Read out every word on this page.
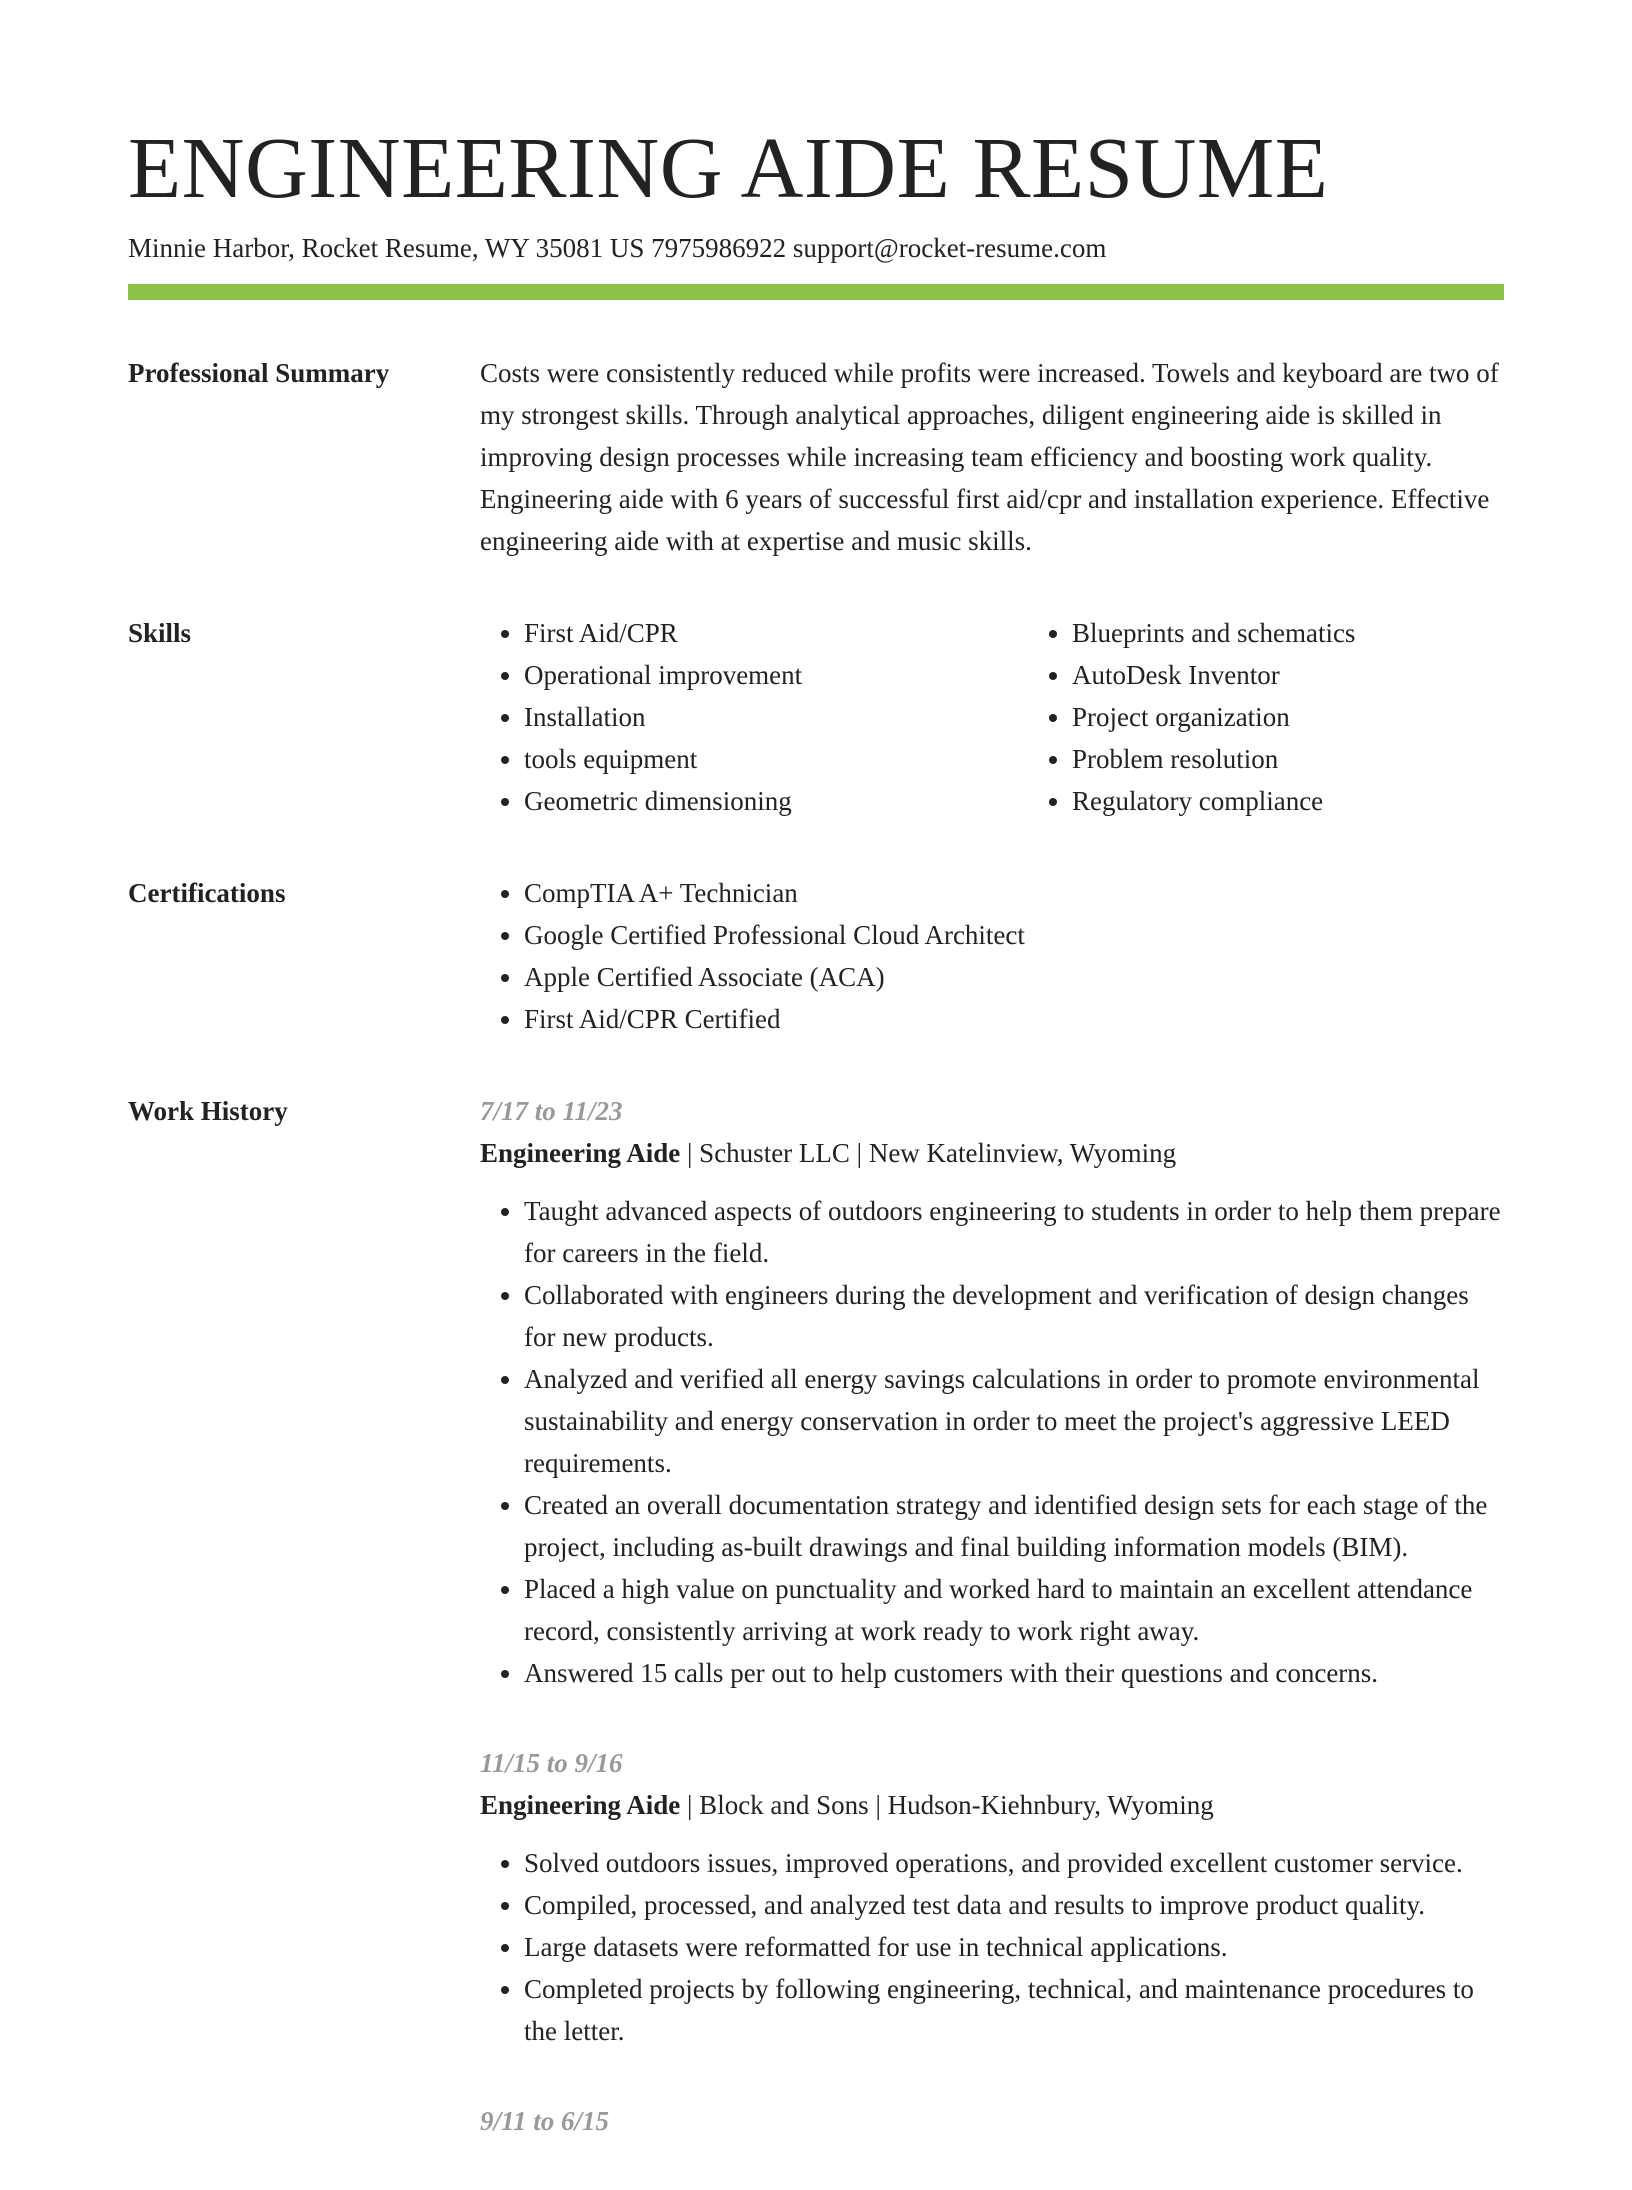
ENGINEERING AIDE RESUME
Minnie Harbor, Rocket Resume, WY 35081 US 7975986922 support@rocket-resume.com
Professional Summary	Costs were consistently reduced while profits were increased. Towels and keyboard are two of my strongest skills. Through analytical approaches, diligent engineering aide is skilled in improving design processes while increasing team efficiency and boosting work quality. Engineering aide with 6 years of successful first aid/cpr and installation experience. Effective engineering aide with at expertise and music skills.

Skills	• First Aid/CPR
• Operational improvement
• Installation
• tools equipment
• Geometric dimensioning
• Blueprints and schematics
• AutoDesk Inventor
• Project organization
• Problem resolution
• Regulatory compliance
Certifications	• CompTIA A+ Technician
• Google Certified Professional Cloud Architect
• Apple Certified Associate (ACA)
• First Aid/CPR Certified
Work History	7/17 to 11/23
Engineering Aide | Schuster LLC | New Katelinview, Wyoming
• Taught advanced aspects of outdoors engineering to students in order to help them prepare for careers in the field.
• Collaborated with engineers during the development and verification of design changes for new products.
• Analyzed and verified all energy savings calculations in order to promote environmental sustainability and energy conservation in order to meet the project's aggressive LEED requirements.
• Created an overall documentation strategy and identified design sets for each stage of the project, including as-built drawings and final building information models (BIM).
• Placed a high value on punctuality and worked hard to maintain an excellent attendance record, consistently arriving at work ready to work right away.
• Answered 15 calls per out to help customers with their questions and concerns.
11/15 to 9/16
Engineering Aide | Block and Sons | Hudson-Kiehnbury, Wyoming
• Solved outdoors issues, improved operations, and provided excellent customer service.
• Compiled, processed, and analyzed test data and results to improve product quality.
• Large datasets were reformatted for use in technical applications.
• Completed projects by following engineering, technical, and maintenance procedures to the letter.
9/11 to 6/15
